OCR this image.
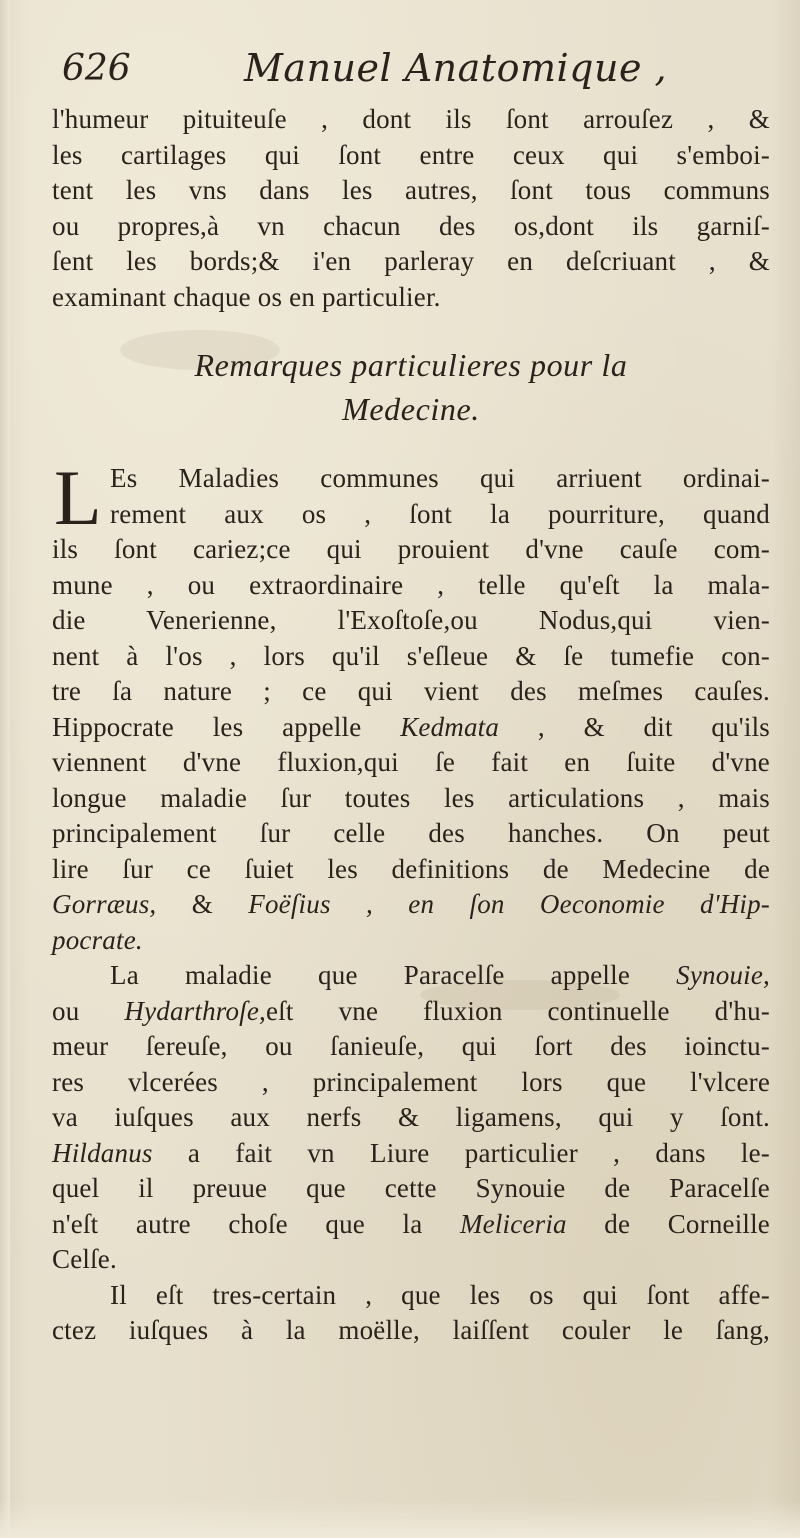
626	Manuel Anatomique ,
l'humeur pituiteuſe , dont ils ſont arrouſez , &
les cartilages qui ſont entre ceux qui s'emboi-
tent les vns dans les autres, ſont tous communs
ou propres,à vn chacun des os,dont ils garniſ-
ſent les bords;& i'en parleray en deſcriuant , &
examinant chaque os en particulier.
Remarques particulieres pour la
Medecine.
L Es Maladies communes qui arriuent ordinai-
rement aux os , ſont la pourriture, quand
ils ſont cariez;ce qui prouient d'vne cauſe com-
mune , ou extraordinaire , telle qu'eſt la mala-
die Venerienne, l'Exoſtoſe,ou Nodus,qui vien-
nent à l'os , lors qu'il s'eſleue & ſe tumefie con-
tre ſa nature ; ce qui vient des meſmes cauſes.
Hippocrate les appelle Kedmata , & dit qu'ils
viennent d'vne fluxion,qui ſe fait en ſuite d'vne
longue maladie ſur toutes les articulations , mais
principalement ſur celle des hanches. On peut
lire ſur ce ſuiet les definitions de Medecine de
Gorræus, & Foëſius , en ſon Oeconomie d'Hip-
pocrate.
La maladie que Paracelſe appelle Synouie,
ou Hydarthroſe,eſt vne fluxion continuelle d'hu-
meur ſereuſe, ou ſanieuſe, qui ſort des ioinctu-
res vlcerées , principalement lors que l'vlcere
va iuſques aux nerfs & ligamens, qui y ſont.
Hildanus a fait vn Liure particulier , dans le-
quel il preuue que cette Synouie de Paracelſe
n'eſt autre choſe que la Meliceria de Corneille
Celſe.
Il eſt tres-certain , que les os qui ſont affe-
ctez iuſques à la moëlle, laiſſent couler le ſang,
